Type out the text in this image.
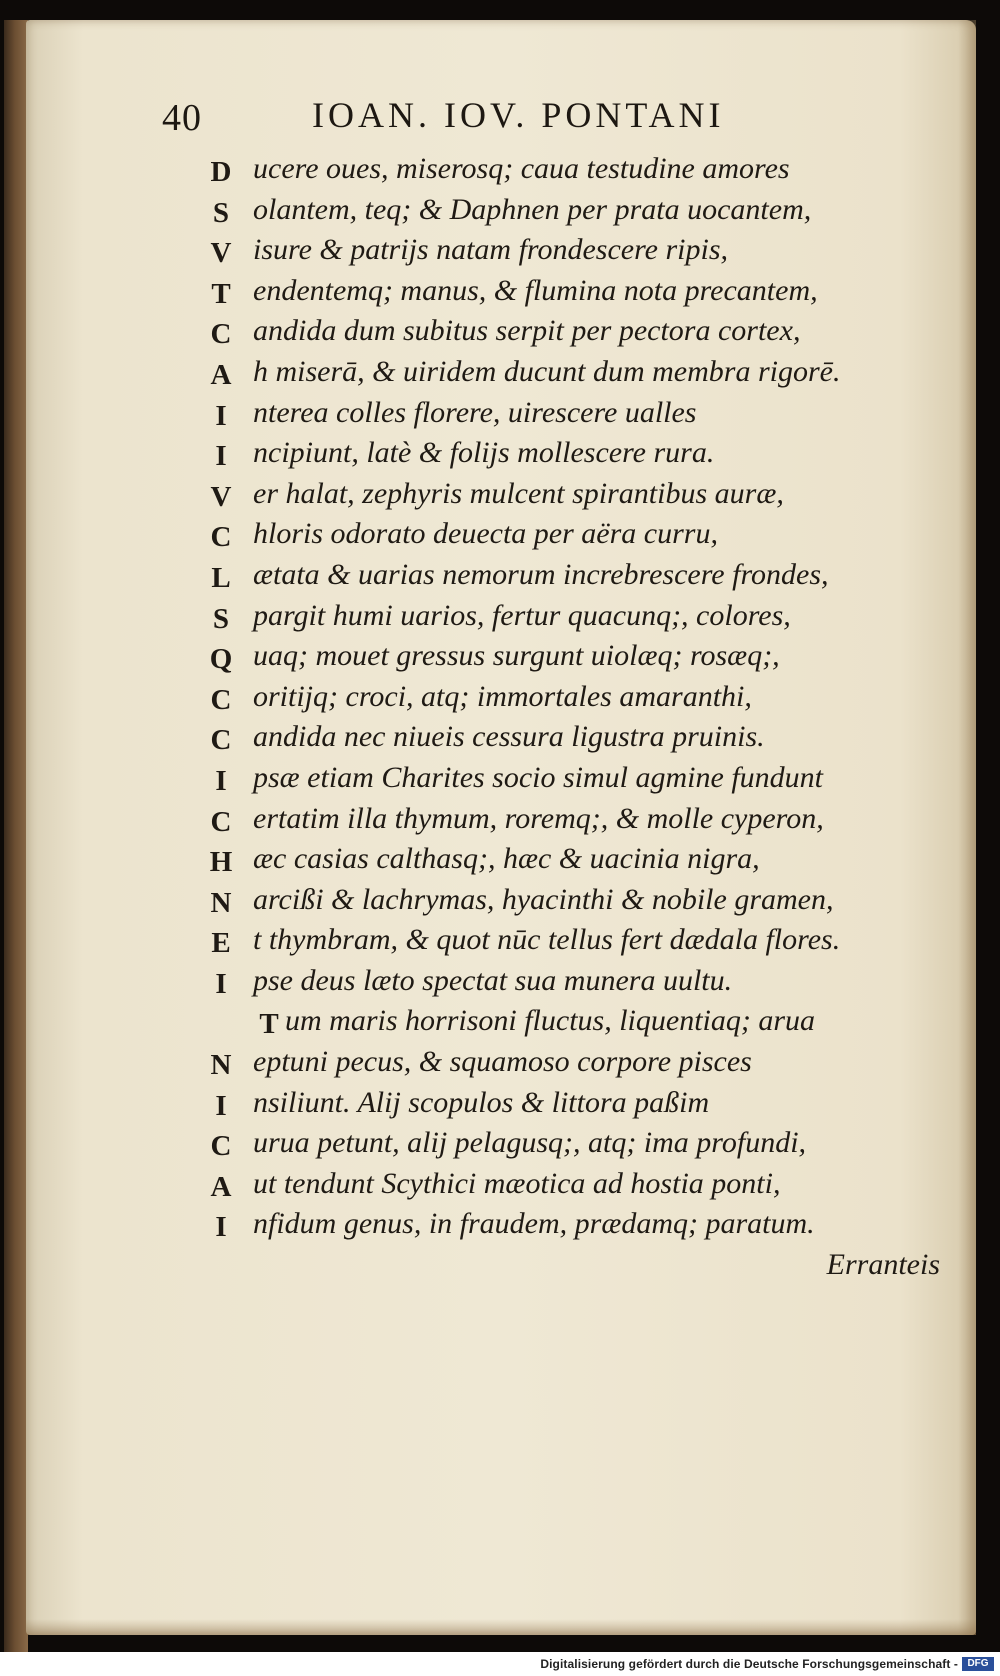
40	IOAN. IOV. PONTANI
D ucere oues, miserosq; caua testudine amores
S olantem, teq; & Daphnen per prata uocantem,
V isure & patrijs natam frondescere ripis,
T endentemq; manus, & flumina nota precantem,
C andida dum subitus serpit per pectora cortex,
A h miserā, & uiridem ducunt dum membra rigorē.
I nterea colles florere, uirescere ualles
I ncipiunt, latè & folijs mollescere rura.
V er halat, zephyris mulcent spirantibus auræ,
C hloris odorato deuecta per aëra curru,
L ætata & uarias nemorum increbrescere frondes,
S pargit humi uarios, fertur quacunq;, colores,
Q uaq; mouet gressus surgunt uiolæq; rosæq;,
C oritijq; croci, atq; immortales amaranthi,
C andida nec niueis cessura ligustra pruinis.
I psæ etiam Charites socio simul agmine fundunt
C ertatim illa thymum, roremq;, & molle cyperon,
H æc casias calthasq;, hæc & uacinia nigra,
N arcißi & lachrymas, hyacinthi & nobile gramen,
E t thymbram, & quot nūc tellus fert dædala flores.
I pse deus læto spectat sua munera uultu.
T um maris horrisoni fluctus, liquentiaq; arua
N eptuni pecus, & squamoso corpore pisces
I nsiliunt. Alij scopulos & littora paßim
C urua petunt, alij pelagusq;, atq; ima profundi,
A ut tendunt Scythici mæotica ad hostia ponti,
I nfidum genus, in fraudem, prædamq; paratum.
Erranteis
Digitalisierung gefördert durch die Deutsche Forschungsgemeinschaft - DFG
